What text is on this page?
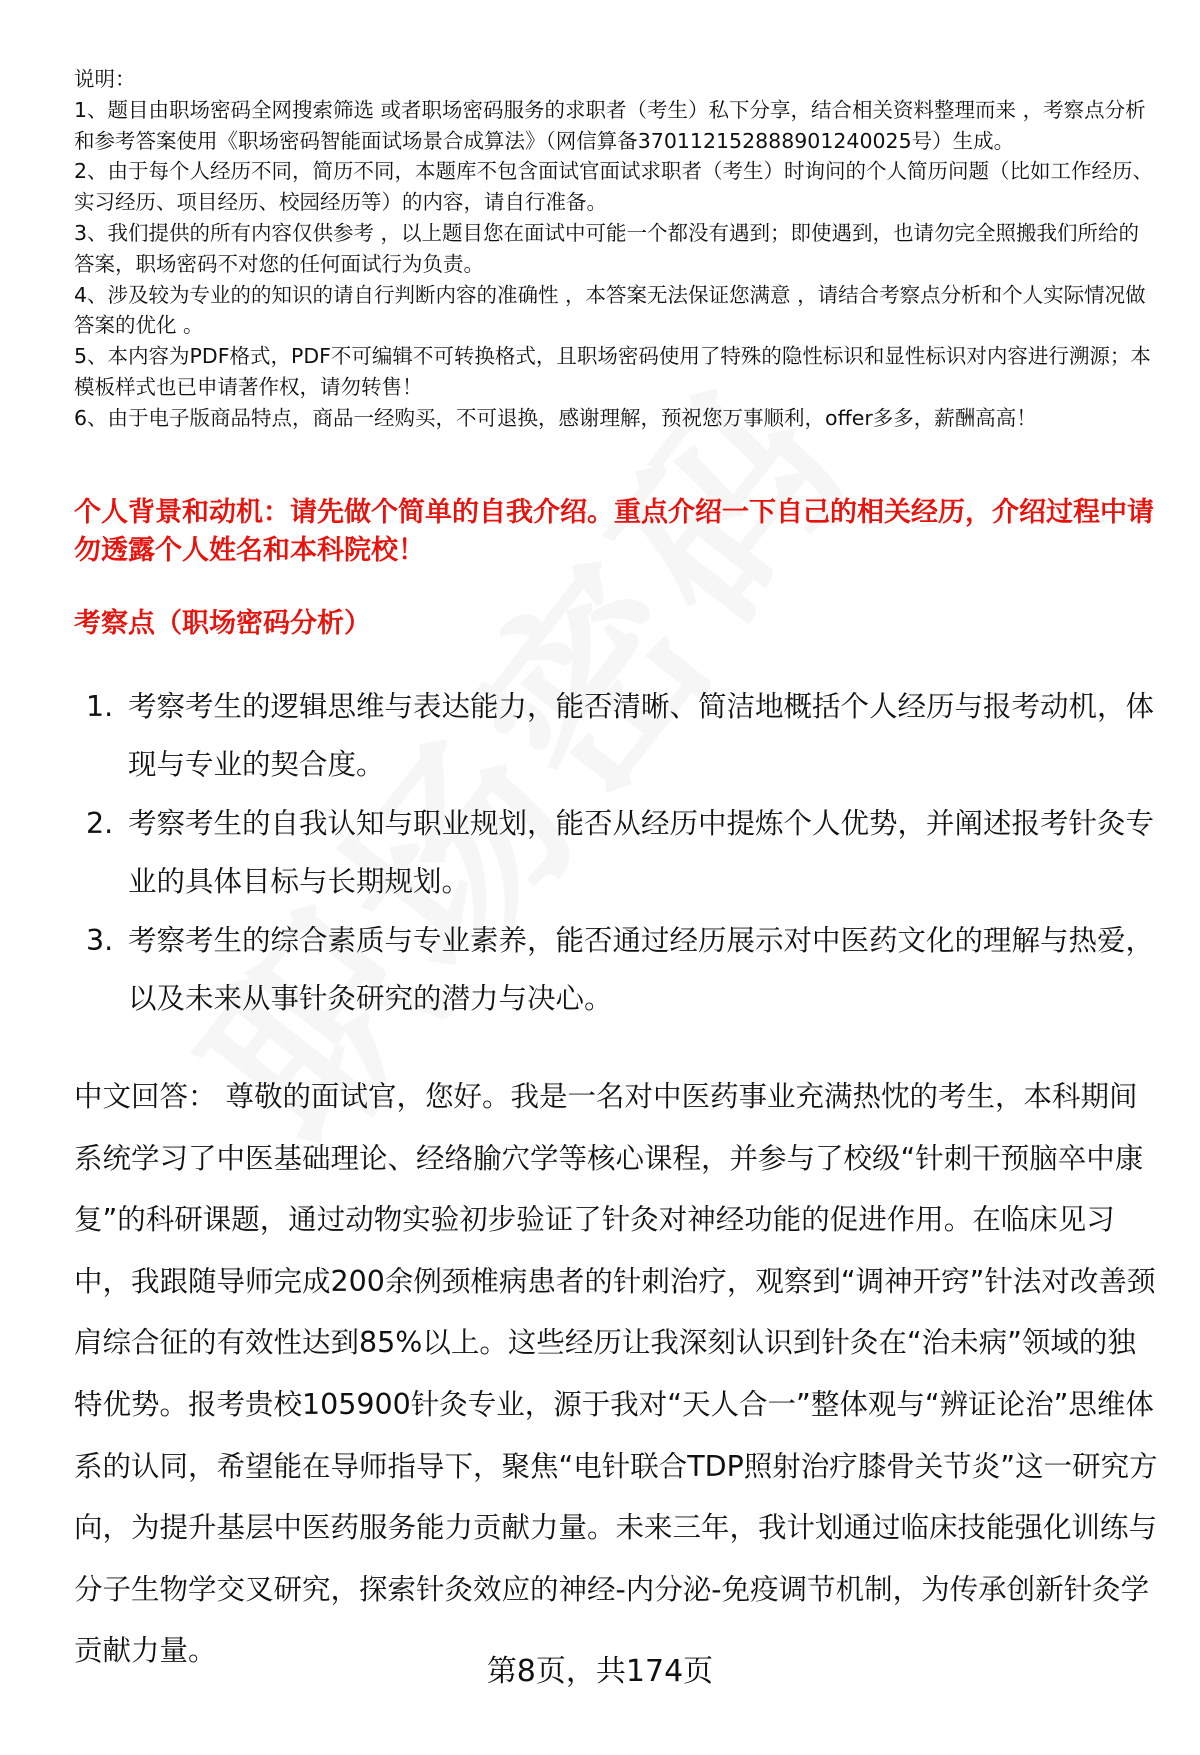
说明：

1、题目由职场密码全网搜索筛选 或者职场密码服务的求职者（考生）私下分享，结合相关资料整理而来 ，考察点分析和参考答案使用《职场密码智能面试场景合成算法》（网信算备370112152888901240025号）生成。

2、由于每个人经历不同，简历不同，本题库不包含面试官面试求职者（考生）时询问的个人简历问题（比如工作经历、实习经历、项目经历、校园经历等）的内容，请自行准备。

3、我们提供的所有内容仅供参考 ，以上题目您在面试中可能一个都没有遇到；即使遇到，也请勿完全照搬我们所给的答案，职场密码不对您的任何面试行为负责。

4、涉及较为专业的的知识的请自行判断内容的准确性 ，本答案无法保证您满意 ，请结合考察点分析和个人实际情况做答案的优化 。

5、本内容为PDF格式，PDF不可编辑不可转换格式，且职场密码使用了特殊的隐性标识和显性标识对内容进行溯源；本模板样式也已申请著作权，请勿转售！

6、由于电子版商品特点，商品一经购买，不可退换，感谢理解，预祝您万事顺利，offer多多，薪酬高高！

个人背景和动机：请先做个简单的自我介绍。重点介绍一下自己的相关经历，介绍过程中请勿透露个人姓名和本科院校！

考察点（职场密码分析）

1. 考察考生的逻辑思维与表达能力，能否清晰、简洁地概括个人经历与报考动机，体现与专业的契合度。
2. 考察考生的自我认知与职业规划，能否从经历中提炼个人优势，并阐述报考针灸专业的具体目标与长期规划。
3. 考察考生的综合素质与专业素养，能否通过经历展示对中医药文化的理解与热爱，以及未来从事针灸研究的潜力与决心。

中文回答： 尊敬的面试官，您好。我是一名对中医药事业充满热忱的考生，本科期间系统学习了中医基础理论、经络腧穴学等核心课程，并参与了校级“针刺干预脑卒中康复”的科研课题，通过动物实验初步验证了针灸对神经功能的促进作用。在临床见习中，我跟随导师完成200余例颈椎病患者的针刺治疗，观察到“调神开窍”针法对改善颈肩综合征的有效性达到85%以上。这些经历让我深刻认识到针灸在“治未病”领域的独特优势。报考贵校105900针灸专业，源于我对“天人合一”整体观与“辨证论治”思维体系的认同，希望能在导师指导下，聚焦“电针联合TDP照射治疗膝骨关节炎”这一研究方向，为提升基层中医药服务能力贡献力量。未来三年，我计划通过临床技能强化训练与分子生物学交叉研究，探索针灸效应的神经-内分泌-免疫调节机制，为传承创新针灸学贡献力量。

第8页，共174页
